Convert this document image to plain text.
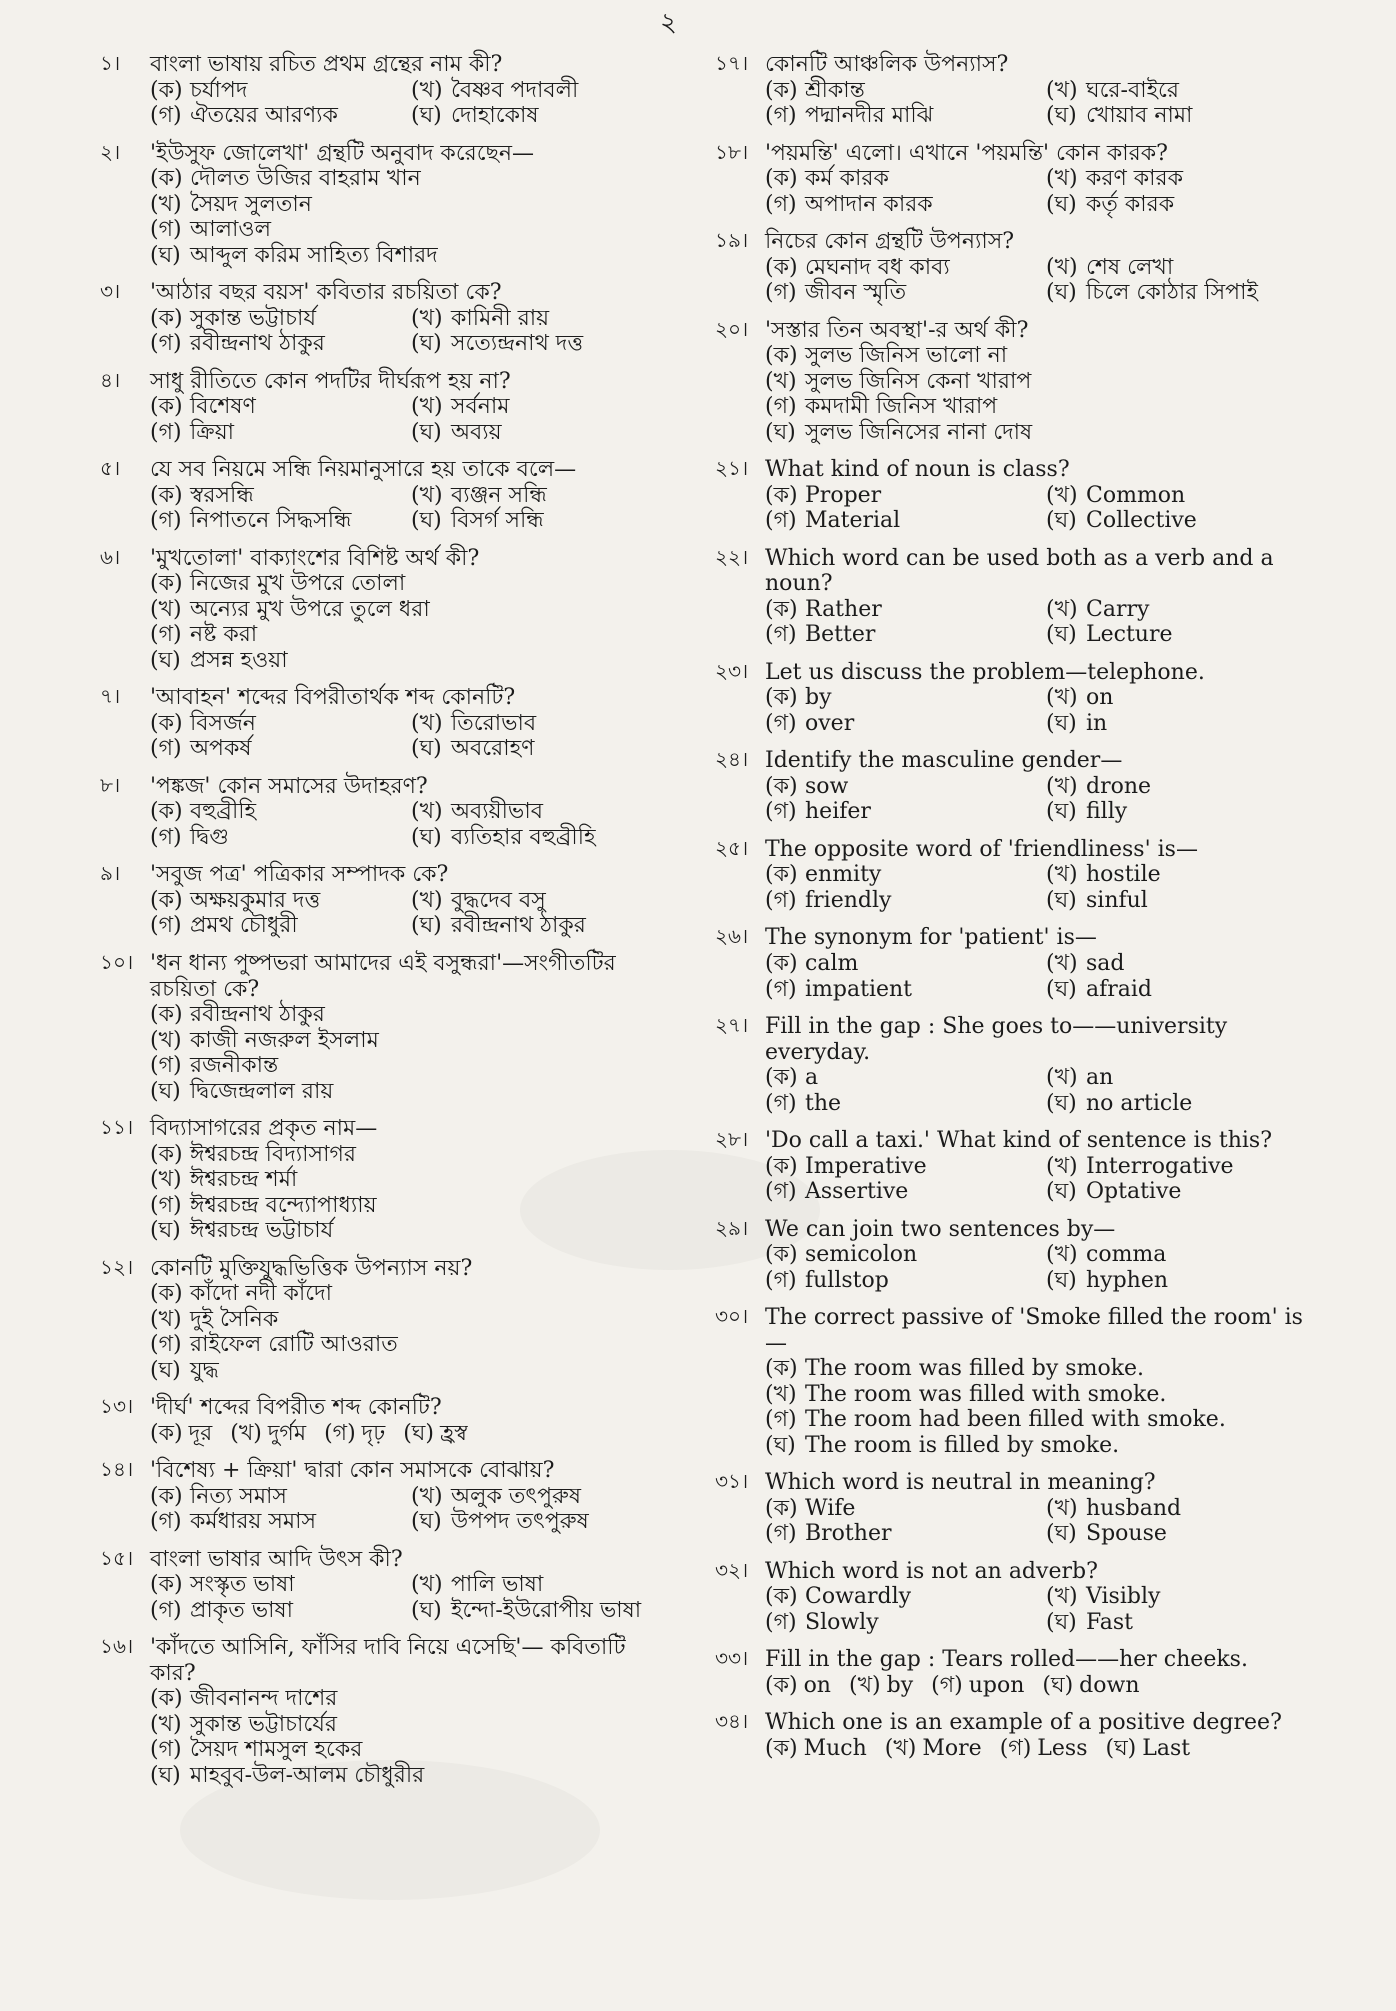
২
১।	বাংলা ভাষায় রচিত প্রথম গ্রন্থের নাম কী?
(ক) চর্যাপদ	(খ) বৈষ্ণব পদাবলী
(গ) ঐতয়ের আরণ্যক	(ঘ) দোহাকোষ
২।	'ইউসুফ জোলেখা' গ্রন্থটি অনুবাদ করেছেন—
(ক) দৌলত উজির বাহরাম খান
(খ) সৈয়দ সুলতান
(গ) আলাওল
(ঘ) আব্দুল করিম সাহিত্য বিশারদ
৩।	'আঠার বছর বয়স' কবিতার রচয়িতা কে?
(ক) সুকান্ত ভট্টাচার্য	(খ) কামিনী রায়
(গ) রবীন্দ্রনাথ ঠাকুর	(ঘ) সত্যেন্দ্রনাথ দত্ত
৪।	সাধু রীতিতে কোন পদটির দীর্ঘরূপ হয় না?
(ক) বিশেষণ	(খ) সর্বনাম
(গ) ক্রিয়া	(ঘ) অব্যয়
৫।	যে সব নিয়মে সন্ধি নিয়মানুসারে হয় তাকে বলে—
(ক) স্বরসন্ধি	(খ) ব্যঞ্জন সন্ধি
(গ) নিপাতনে সিদ্ধসন্ধি	(ঘ) বিসর্গ সন্ধি
৬।	'মুখতোলা' বাক্যাংশের বিশিষ্ট অর্থ কী?
(ক) নিজের মুখ উপরে তোলা
(খ) অন্যের মুখ উপরে তুলে ধরা
(গ) নষ্ট করা
(ঘ) প্রসন্ন হওয়া
৭।	'আবাহন' শব্দের বিপরীতার্থক শব্দ কোনটি?
(ক) বিসর্জন	(খ) তিরোভাব
(গ) অপকর্ষ	(ঘ) অবরোহণ
৮।	'পঙ্কজ' কোন সমাসের উদাহরণ?
(ক) বহুব্রীহি	(খ) অব্যয়ীভাব
(গ) দ্বিগু	(ঘ) ব্যতিহার বহুব্রীহি
৯।	'সবুজ পত্র' পত্রিকার সম্পাদক কে?
(ক) অক্ষয়কুমার দত্ত	(খ) বুদ্ধদেব বসু
(গ) প্রমথ চৌধুরী	(ঘ) রবীন্দ্রনাথ ঠাকুর
১০। 'ধন ধান্য পুষ্পভরা আমাদের এই বসুন্ধরা'—সংগীতটির রচয়িতা কে?
(ক) রবীন্দ্রনাথ ঠাকুর
(খ) কাজী নজরুল ইসলাম
(গ) রজনীকান্ত
(ঘ) দ্বিজেন্দ্রলাল রায়
১১। বিদ্যাসাগরের প্রকৃত নাম—
(ক) ঈশ্বরচন্দ্র বিদ্যাসাগর
(খ) ঈশ্বরচন্দ্র শর্মা
(গ) ঈশ্বরচন্দ্র বন্দ্যোপাধ্যায়
(ঘ) ঈশ্বরচন্দ্র ভট্টাচার্য
১২। কোনটি মুক্তিযুদ্ধভিত্তিক উপন্যাস নয়?
(ক) কাঁদো নদী কাঁদো
(খ) দুই সৈনিক
(গ) রাইফেল রোটি আওরাত
(ঘ) যুদ্ধ
১৩। 'দীর্ঘ' শব্দের বিপরীত শব্দ কোনটি?
(ক) দূর (খ) দুর্গম (গ) দৃঢ় (ঘ) হ্রস্ব
১৪। 'বিশেষ্য + ক্রিয়া' দ্বারা কোন সমাসকে বোঝায়?
(ক) নিত্য সমাস	(খ) অলুক তৎপুরুষ
(গ) কর্মধারয় সমাস	(ঘ) উপপদ তৎপুরুষ
১৫। বাংলা ভাষার আদি উৎস কী?
(ক) সংস্কৃত ভাষা	(খ) পালি ভাষা
(গ) প্রাকৃত ভাষা	(ঘ) ইন্দো-ইউরোপীয় ভাষা
১৬। 'কাঁদতে আসিনি, ফাঁসির দাবি নিয়ে এসেছি'— কবিতাটি কার?
(ক) জীবনানন্দ দাশের
(খ) সুকান্ত ভট্টাচার্যের
(গ) সৈয়দ শামসুল হকের
(ঘ) মাহবুব-উল-আলম চৌধুরীর
১৭। কোনটি আঞ্চলিক উপন্যাস?
(ক) শ্রীকান্ত	(খ) ঘরে-বাইরে
(গ) পদ্মানদীর মাঝি	(ঘ) খোয়াব নামা
১৮। 'পয়মন্তি' এলো। এখানে 'পয়মন্তি' কোন কারক?
(ক) কর্ম কারক	(খ) করণ কারক
(গ) অপাদান কারক	(ঘ) কর্তৃ কারক
১৯। নিচের কোন গ্রন্থটি উপন্যাস?
(ক) মেঘনাদ বধ কাব্য	(খ) শেষ লেখা
(গ) জীবন স্মৃতি	(ঘ) চিলে কোঠার সিপাই
২০। 'সস্তার তিন অবস্থা'-র অর্থ কী?
(ক) সুলভ জিনিস ভালো না
(খ) সুলভ জিনিস কেনা খারাপ
(গ) কমদামী জিনিস খারাপ
(ঘ) সুলভ জিনিসের নানা দোষ
২১। What kind of noun is class?
(ক) Proper	(খ) Common
(গ) Material	(ঘ) Collective
২২। Which word can be used both as a verb and a noun?
(ক) Rather	(খ) Carry
(গ) Better	(ঘ) Lecture
২৩। Let us discuss the problem—telephone.
(ক) by	(খ) on
(গ) over	(ঘ) in
২৪। Identify the masculine gender—
(ক) sow	(খ) drone
(গ) heifer	(ঘ) filly
২৫। The opposite word of 'friendliness' is—
(ক) enmity	(খ) hostile
(গ) friendly	(ঘ) sinful
২৬। The synonym for 'patient' is—
(ক) calm	(খ) sad
(গ) impatient	(ঘ) afraid
২৭। Fill in the gap : She goes to——university everyday.
(ক) a	(খ) an
(গ) the	(ঘ) no article
২৮। 'Do call a taxi.' What kind of sentence is this?
(ক) Imperative	(খ) Interrogative
(গ) Assertive	(ঘ) Optative
২৯। We can join two sentences by—
(ক) semicolon	(খ) comma
(গ) fullstop	(ঘ) hyphen
৩০। The correct passive of 'Smoke filled the room' is—
(ক) The room was filled by smoke.
(খ) The room was filled with smoke.
(গ) The room had been filled with smoke.
(ঘ) The room is filled by smoke.
৩১। Which word is neutral in meaning?
(ক) Wife	(খ) husband
(গ) Brother	(ঘ) Spouse
৩২। Which word is not an adverb?
(ক) Cowardly	(খ) Visibly
(গ) Slowly	(ঘ) Fast
৩৩। Fill in the gap : Tears rolled——her cheeks.
(ক) on (খ) by (গ) upon (ঘ) down
৩৪। Which one is an example of a positive degree?
(ক) Much (খ) More (গ) Less (ঘ) Last
